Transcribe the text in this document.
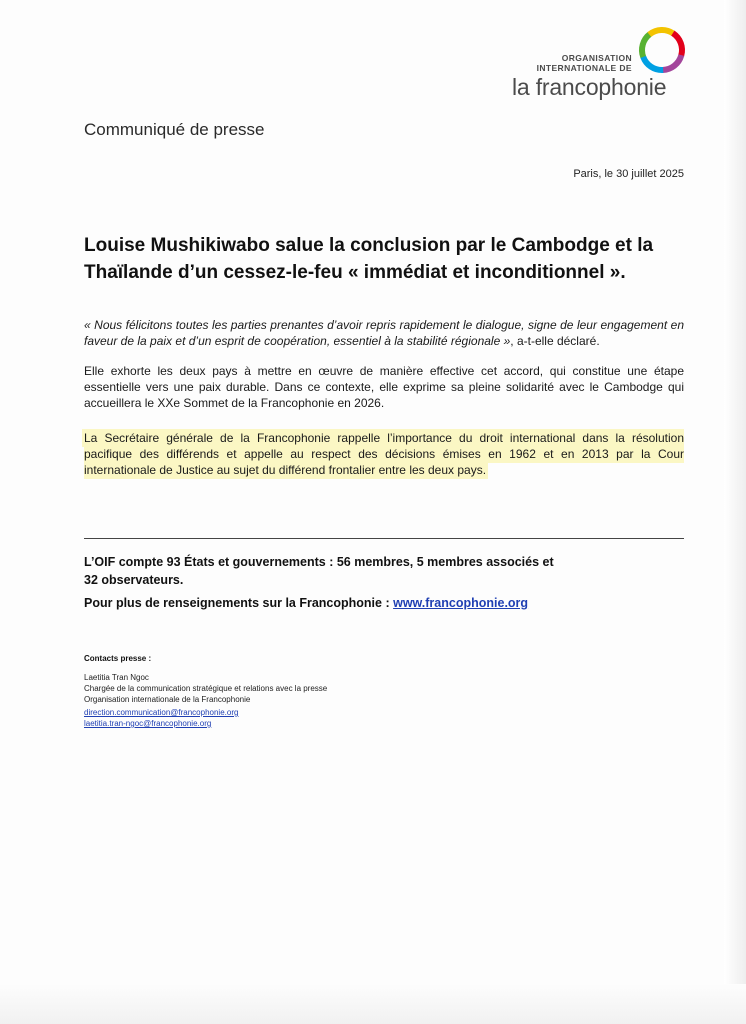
ORGANISATION
INTERNATIONALE DE
la francophonie
Communiqué de presse
Paris, le 30 juillet 2025
Louise Mushikiwabo salue la conclusion par le Cambodge et la Thaïlande d’un cessez-le-feu « immédiat et inconditionnel ».

« Nous félicitons toutes les parties prenantes d’avoir repris rapidement le dialogue, signe de leur engagement en faveur de la paix et d’un esprit de coopération, essentiel à la stabilité régionale », a-t-elle déclaré.

Elle exhorte les deux pays à mettre en œuvre de manière effective cet accord, qui constitue une étape essentielle vers une paix durable. Dans ce contexte, elle exprime sa pleine solidarité avec le Cambodge qui accueillera le XXe Sommet de la Francophonie en 2026.

La Secrétaire générale de la Francophonie rappelle l’importance du droit international dans la résolution pacifique des différends et appelle au respect des décisions émises en 1962 et en 2013 par la Cour internationale de Justice au sujet du différend frontalier entre les deux pays.

L’OIF compte 93 États et gouvernements : 56 membres, 5 membres associés et 32 observateurs.

Pour plus de renseignements sur la Francophonie : www.francophonie.org

Contacts presse :

Laetitia Tran Ngoc

Chargée de la communication stratégique et relations avec la presse

Organisation internationale de la Francophonie

direction.communication@francophonie.org

laetitia.tran-ngoc@francophonie.org
